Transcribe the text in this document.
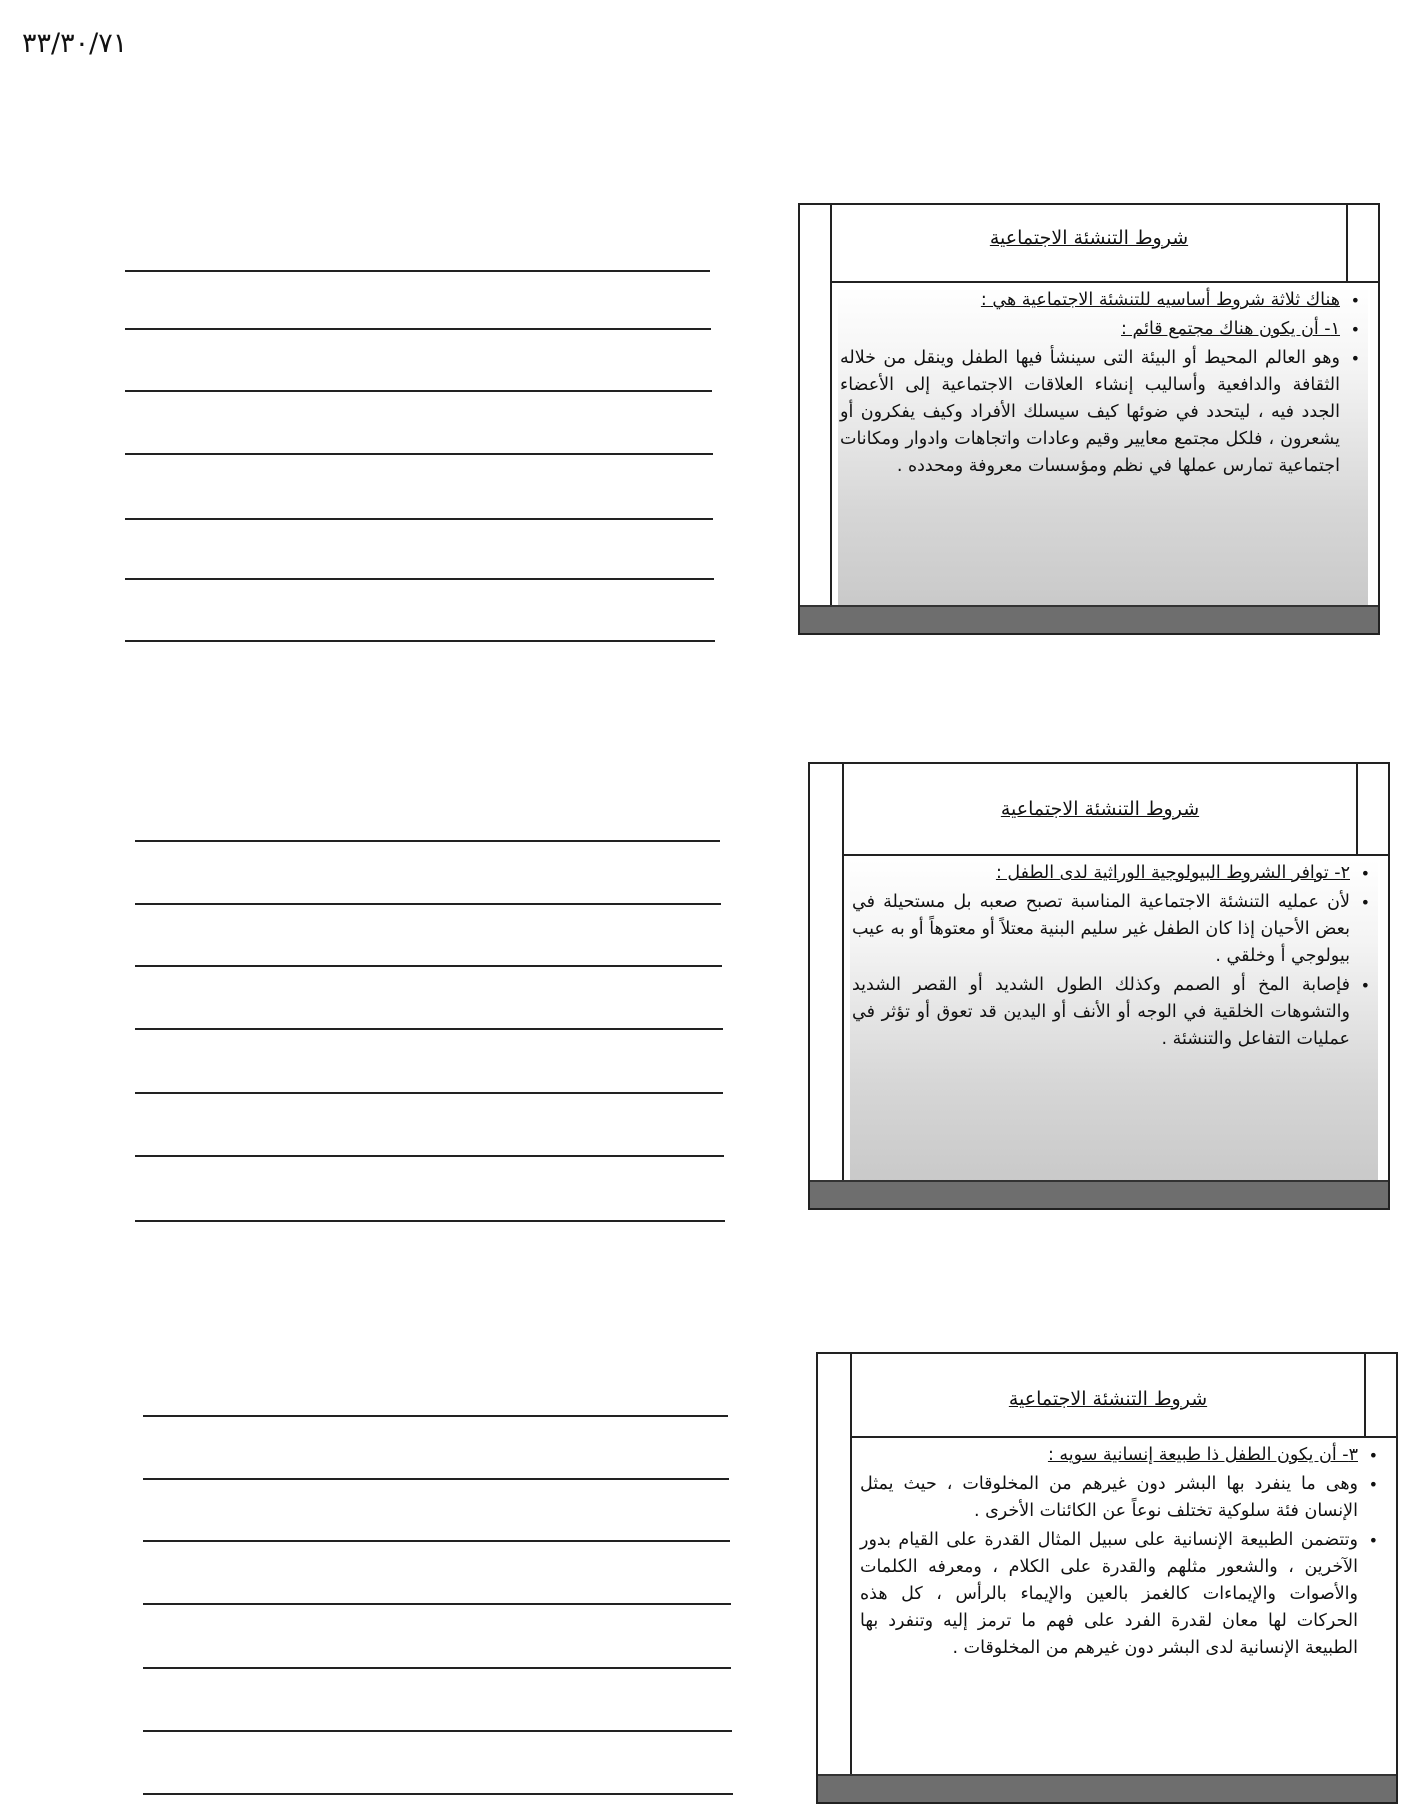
١٧/٠٣/٣٣
شروط التنشئة الاجتماعية
• هناك ثلاثة شروط أساسيه للتنشئة الاجتماعية هي :
• ١- أن يكون هناك مجتمع قائم :
• وهو العالم المحيط أو البيئة التى سينشأ فيها الطفل وينقل من خلاله الثقافة والدافعية وأساليب إنشاء العلاقات الاجتماعية إلى الأعضاء الجدد فيه ، ليتحدد في ضوئها كيف سيسلك الأفراد وكيف يفكرون أو يشعرون ، فلكل مجتمع معايير وقيم وعادات واتجاهات وادوار ومكانات اجتماعية تمارس عملها في نظم ومؤسسات معروفة ومحدده .
شروط التنشئة الاجتماعية
• ٢- توافر الشروط البيولوجية الوراثية لدى الطفل :
• لأن عمليه التنشئة الاجتماعية المناسبة تصبح صعبه بل مستحيلة في بعض الأحيان إذا كان الطفل غير سليم البنية معتلاً أو معتوهاً أو به عيب بيولوجي أ وخلقي .
• فإصابة المخ أو الصمم وكذلك الطول الشديد أو القصر الشديد والتشوهات الخلقية في الوجه أو الأنف أو اليدين قد تعوق أو تؤثر في عمليات التفاعل والتنشئة .
شروط التنشئة الاجتماعية
• ٣- أن يكون الطفل ذا طبيعة إنسانية سويه :
• وهى ما ينفرد بها البشر دون غيرهم من المخلوقات ، حيث يمثل الإنسان فئة سلوكية تختلف نوعاً عن الكائنات الأخرى .
• وتتضمن الطبيعة الإنسانية على سبيل المثال القدرة على القيام بدور الآخرين ، والشعور مثلهم والقدرة على الكلام ، ومعرفه الكلمات والأصوات والإيماءات كالغمز بالعين والإيماء بالرأس ، كل هذه الحركات لها معان لقدرة الفرد على فهم ما ترمز إليه وتنفرد بها الطبيعة الإنسانية لدى البشر دون غيرهم من المخلوقات .
